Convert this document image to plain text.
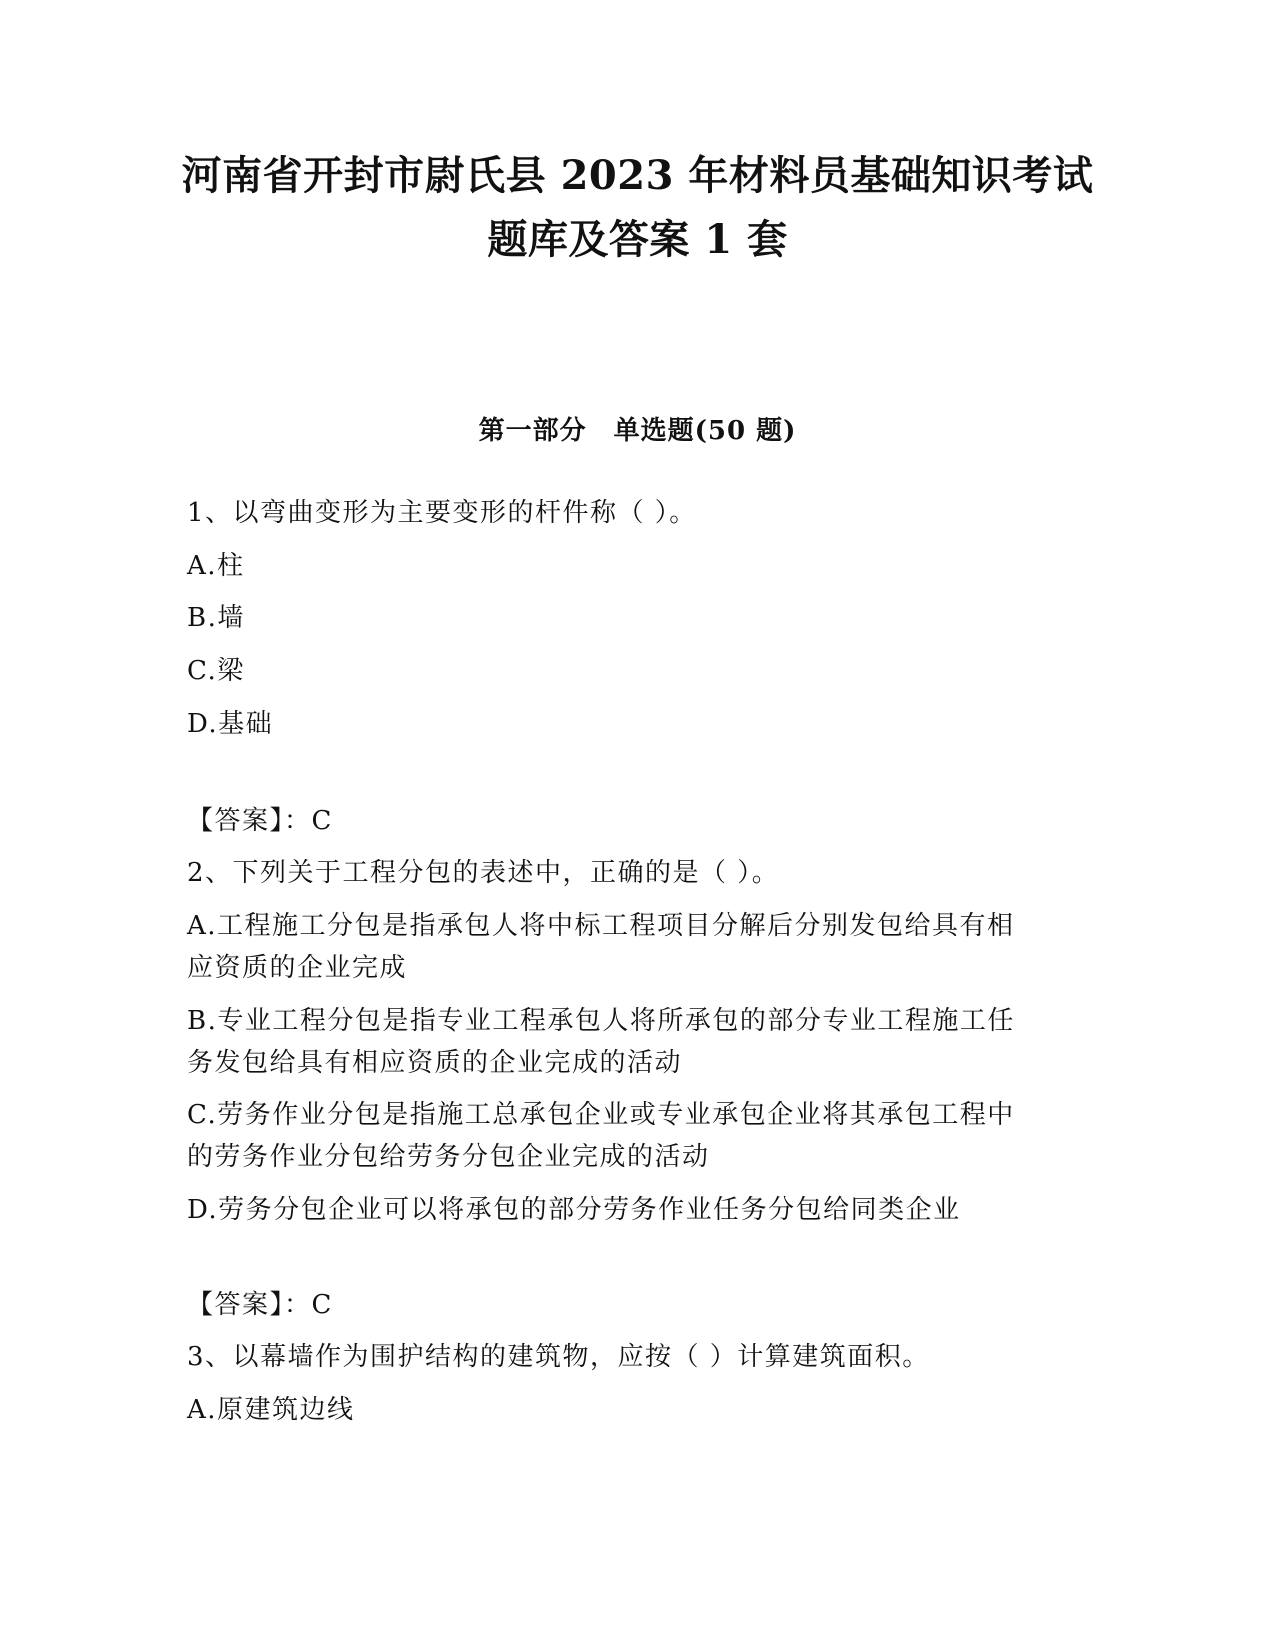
河南省开封市尉氏县 2023 年材料员基础知识考试
题库及答案 1 套
第一部分　单选题(50 题)

1、以弯曲变形为主要变形的杆件称（ ）。

A.柱

B.墙

C.梁

D.基础

【答案】：C

2、下列关于工程分包的表述中，正确的是（ ）。

A.工程施工分包是指承包人将中标工程项目分解后分别发包给具有相

应资质的企业完成

B.专业工程分包是指专业工程承包人将所承包的部分专业工程施工任

务发包给具有相应资质的企业完成的活动

C.劳务作业分包是指施工总承包企业或专业承包企业将其承包工程中

的劳务作业分包给劳务分包企业完成的活动

D.劳务分包企业可以将承包的部分劳务作业任务分包给同类企业

【答案】：C

3、以幕墙作为围护结构的建筑物，应按（ ）计算建筑面积。

A.原建筑边线
